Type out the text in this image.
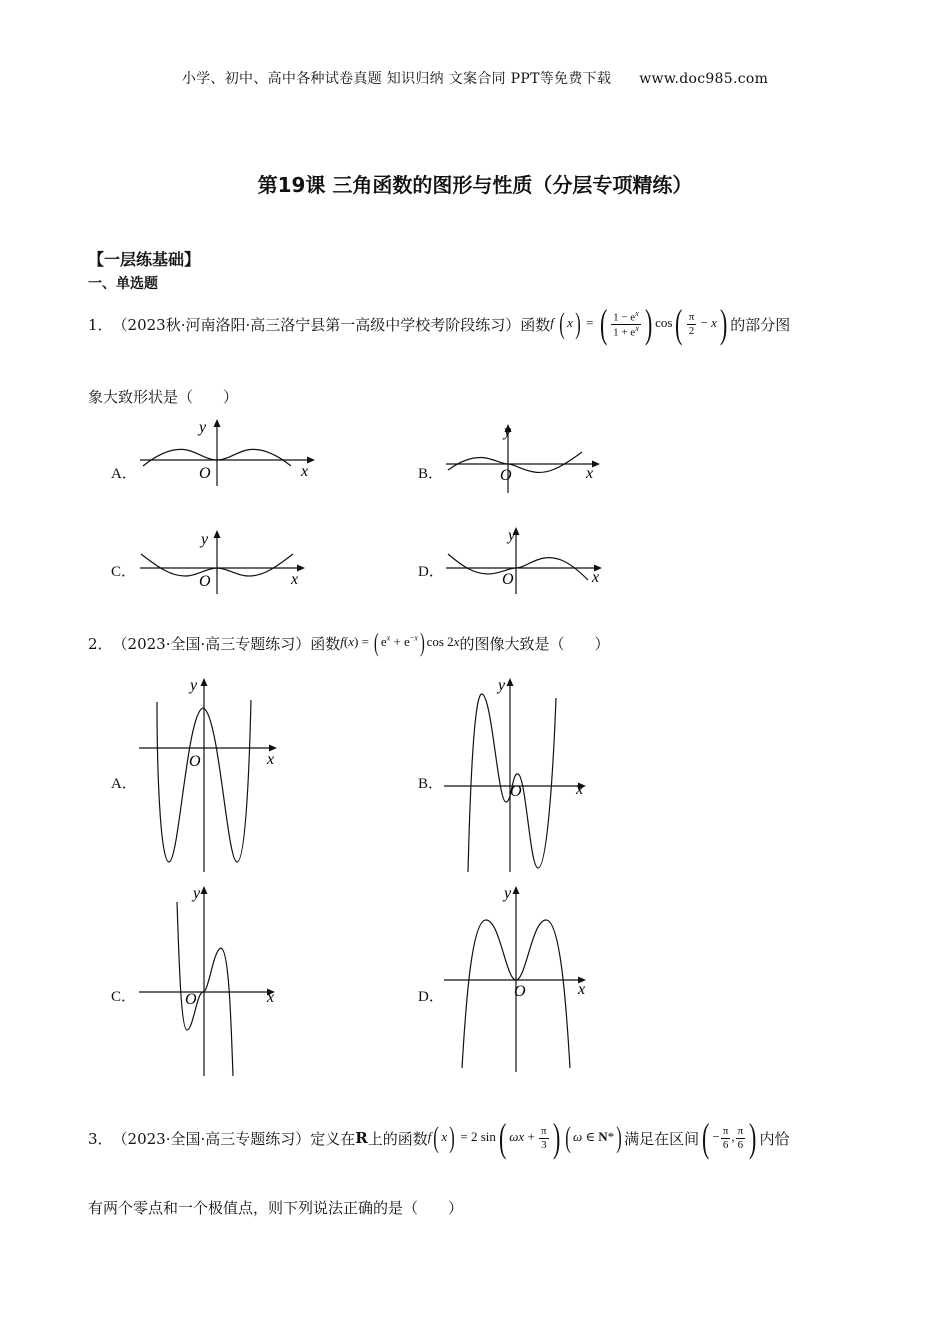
小学、初中、高中各种试卷真题 知识归纳 文案合同 PPT等免费下载 www.doc985.com
第19课 三角函数的图形与性质（分层专项精练）
【一层练基础】
一、单选题
1． （2023秋·河南洛阳·高三洛宁县第一高级中学校考阶段练习）函数 f ( x) = ( $\frac{1 - e^x}{1 + e^x}$ ) $\cos( \frac{\pi}{2} - x)$ 的部分图
象大致形状是（　　）
A．	B．
C．	D．
y
O	x
y
O	x
y
O	x
y
O	x
2． （2023·全国·高三专题练习）函数 f(x) = ( $e^x + e^{-x}$) cos 2x 的图像大致是（　　）
A．	B．
C．	D．
y
O	x
y
O	x
y
O	x
y
O	x
3． （2023·全国·高三专题练习）定义在 R 上的函数 f( x) = 2 sin( $\omega x + \frac{\pi}{3}$ ) ( ω ∈ N*) 满足在区间 ( − $\frac{\pi}{6}$ , $\frac{\pi}{6}$ ) 内恰
有两个零点和一个极值点，则下列说法正确的是（　　）
